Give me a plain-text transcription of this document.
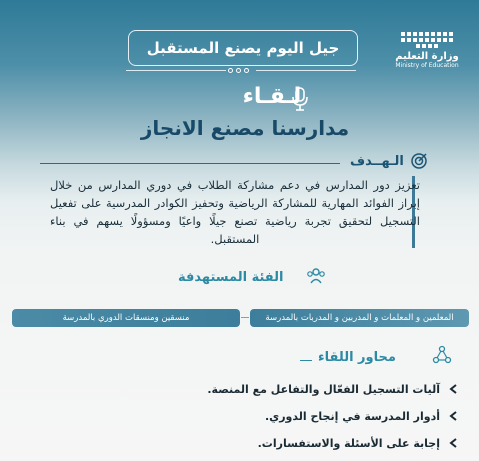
جيل اليوم يصنع المستقبل	وزارة التعليم
Ministry of Education
لـقـاء
مدارسنا مصنع الانجاز
الـهــدف

تعزيز دور المدارس في دعم مشاركة الطلاب في دوري المدارس من خلال إبراز الفوائد المهارية للمشاركة الرياضية وتحفيز الكوادر المدرسية على تفعيل التسجيل لتحقيق تجربة رياضية تصنع جيلًا واعيًا ومسؤولًا يسهم في بناء المستقبل.

الفئة المستهدفة
المعلمين و المعلمات و المدربين و المدربات بالمدرسة
منسقين ومنسقات الدوري بالمدرسة
محاور اللقاء
آليات التسجيل الفعّال والتفاعل مع المنصة.
أدوار المدرسة في إنجاح الدوري.
إجابة على الأسئلة والاستفسارات.
